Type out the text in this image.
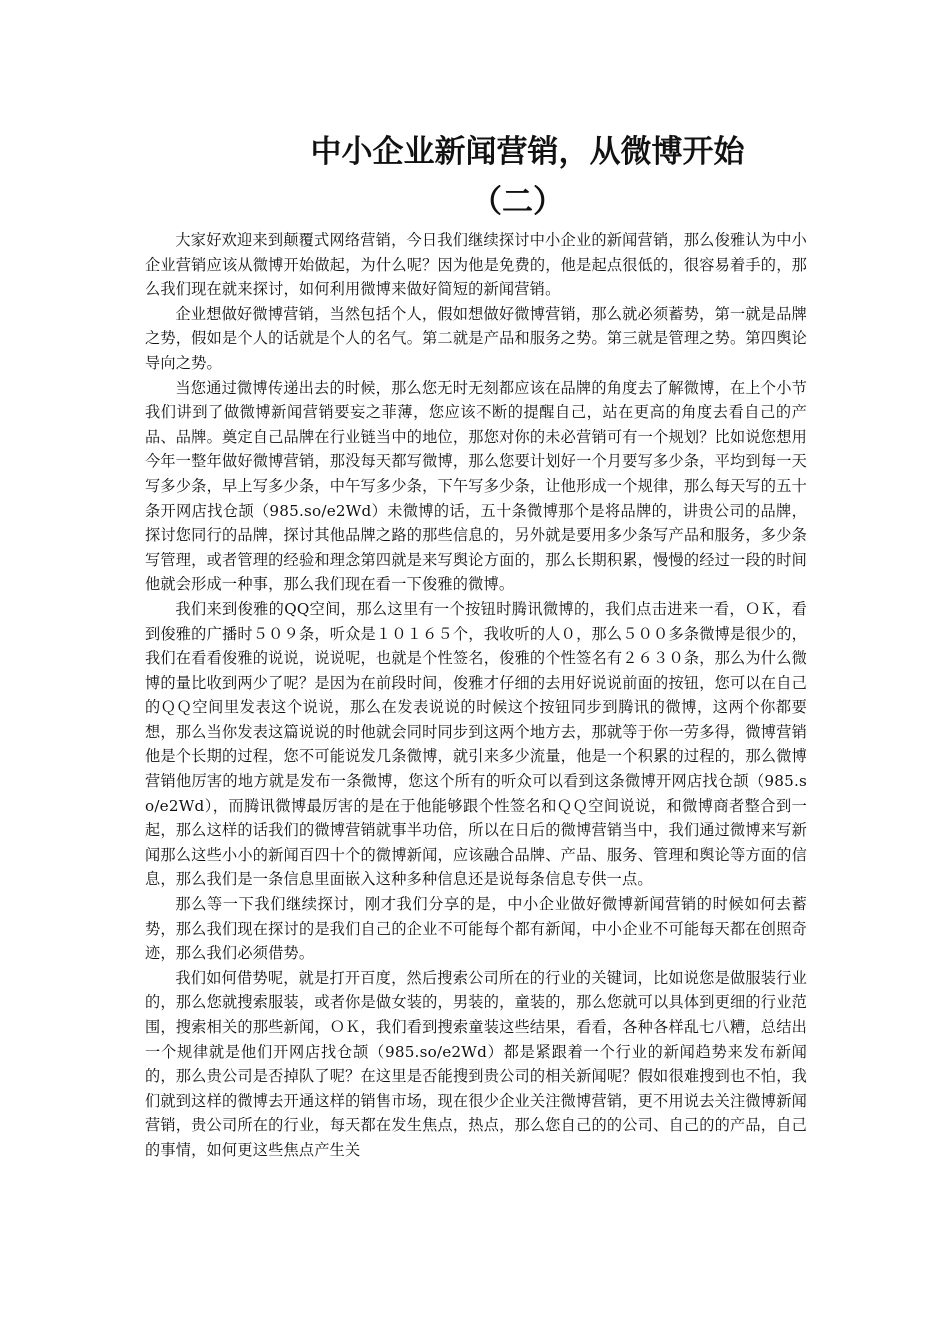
中小企业新闻营销，从微博开始
（二）

大家好欢迎来到颠覆式网络营销，今日我们继续探讨中小企业的新闻营销，那么俊雅认为中小企业营销应该从微博开始做起，为什么呢？因为他是免费的，他是起点很低的，很容易着手的，那么我们现在就来探讨，如何利用微博来做好简短的新闻营销。

企业想做好微博营销，当然包括个人，假如想做好微博营销，那么就必须蓄势，第一就是品牌之势，假如是个人的话就是个人的名气。第二就是产品和服务之势。第三就是管理之势。第四舆论导向之势。

当您通过微博传递出去的时候，那么您无时无刻都应该在品牌的角度去了解微博，在上个小节我们讲到了做微博新闻营销要妄之菲薄，您应该不断的提醒自己，站在更高的角度去看自己的产品、品牌。奠定自己品牌在行业链当中的地位，那您对你的未必营销可有一个规划？比如说您想用今年一整年做好微博营销，那没每天都写微博，那么您要计划好一个月要写多少条，平均到每一天写多少条，早上写多少条，中午写多少条，下午写多少条，让他形成一个规律，那么每天写的五十条开网店找仓颉（985.so/e2Wd）未微博的话，五十条微博那个是将品牌的，讲贵公司的品牌，探讨您同行的品牌，探讨其他品牌之路的那些信息的，另外就是要用多少条写产品和服务，多少条写管理，或者管理的经验和理念第四就是来写舆论方面的，那么长期积累，慢慢的经过一段的时间他就会形成一种事，那么我们现在看一下俊雅的微博。

我们来到俊雅的QQ空间，那么这里有一个按钮时腾讯微博的，我们点击进来一看，ＯＫ，看到俊雅的广播时５０９条，听众是１０１６５个，我收听的人０，那么５００多条微博是很少的，我们在看看俊雅的说说，说说呢，也就是个性签名，俊雅的个性签名有２６３０条，那么为什么微博的量比收到两少了呢？是因为在前段时间，俊雅才仔细的去用好说说前面的按钮，您可以在自己的ＱＱ空间里发表这个说说，那么在发表说说的时候这个按钮同步到腾讯的微博，这两个你都要想，那么当你发表这篇说说的时他就会同时同步到这两个地方去，那就等于你一劳多得，微博营销他是个长期的过程，您不可能说发几条微博，就引来多少流量，他是一个积累的过程的，那么微博营销他厉害的地方就是发布一条微博，您这个所有的听众可以看到这条微博开网店找仓颉（985.so/e2Wd），而腾讯微博最厉害的是在于他能够跟个性签名和ＱＱ空间说说，和微博商者整合到一起，那么这样的话我们的微博营销就事半功倍，所以在日后的微博营销当中，我们通过微博来写新闻那么这些小小的新闻百四十个的微博新闻，应该融合品牌、产品、服务、管理和舆论等方面的信息，那么我们是一条信息里面嵌入这种多种信息还是说每条信息专供一点。

那么等一下我们继续探讨，刚才我们分享的是，中小企业做好微博新闻营销的时候如何去蓄势，那么我们现在探讨的是我们自己的企业不可能每个都有新闻，中小企业不可能每天都在创照奇迹，那么我们必须借势。

我们如何借势呢，就是打开百度，然后搜索公司所在的行业的关键词，比如说您是做服装行业的，那么您就搜索服装，或者你是做女装的，男装的，童装的，那么您就可以具体到更细的行业范围，搜索相关的那些新闻，ＯＫ，我们看到搜索童装这些结果，看看，各种各样乱七八糟，总结出一个规律就是他们开网店找仓颉（985.so/e2Wd）都是紧跟着一个行业的新闻趋势来发布新闻的，那么贵公司是否掉队了呢？在这里是否能搜到贵公司的相关新闻呢？假如很难搜到也不怕，我们就到这样的微博去开通这样的销售市场，现在很少企业关注微博营销，更不用说去关注微博新闻营销，贵公司所在的行业，每天都在发生焦点，热点，那么您自己的的公司、自己的的产品，自己的事情，如何更这些焦点产生关
